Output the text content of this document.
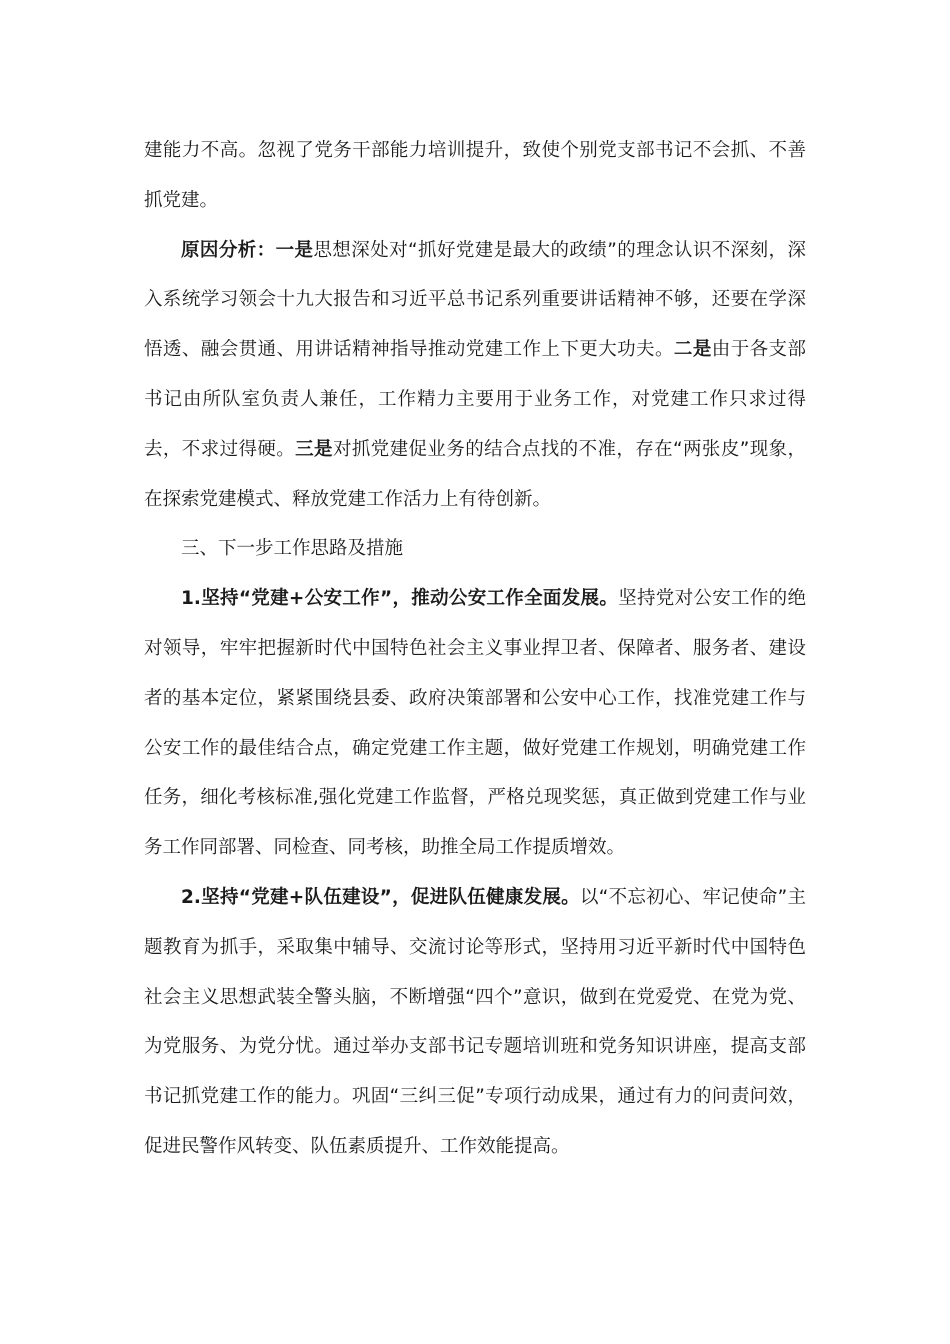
建能力不高。忽视了党务干部能力培训提升，致使个别党支部书记不会抓、不善抓党建。

原因分析：一是思想深处对“抓好党建是最大的政绩”的理念认识不深刻，深入系统学习领会十九大报告和习近平总书记系列重要讲话精神不够，还要在学深悟透、融会贯通、用讲话精神指导推动党建工作上下更大功夫。二是由于各支部书记由所队室负责人兼任，工作精力主要用于业务工作，对党建工作只求过得去，不求过得硬。三是对抓党建促业务的结合点找的不准，存在“两张皮”现象，在探索党建模式、释放党建工作活力上有待创新。

三、下一步工作思路及措施

1.坚持“党建+公安工作”，推动公安工作全面发展。坚持党对公安工作的绝对领导，牢牢把握新时代中国特色社会主义事业捍卫者、保障者、服务者、建设者的基本定位，紧紧围绕县委、政府决策部署和公安中心工作，找准党建工作与公安工作的最佳结合点，确定党建工作主题，做好党建工作规划，明确党建工作任务，细化考核标准,强化党建工作监督，严格兑现奖惩，真正做到党建工作与业务工作同部署、同检查、同考核，助推全局工作提质增效。

2.坚持“党建+队伍建设”，促进队伍健康发展。以“不忘初心、牢记使命”主题教育为抓手，采取集中辅导、交流讨论等形式，坚持用习近平新时代中国特色社会主义思想武装全警头脑，不断增强“四个”意识，做到在党爱党、在党为党、为党服务、为党分忧。通过举办支部书记专题培训班和党务知识讲座，提高支部书记抓党建工作的能力。巩固“三纠三促”专项行动成果，通过有力的问责问效，促进民警作风转变、队伍素质提升、工作效能提高。
